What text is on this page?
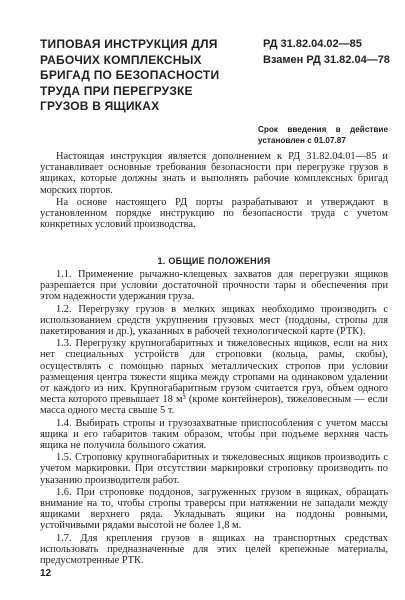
ТИПОВАЯ ИНСТРУКЦИЯ ДЛЯ
РАБОЧИХ КОМПЛЕКСНЫХ
БРИГАД ПО БЕЗОПАСНОСТИ
ТРУДА ПРИ ПЕРЕГРУЗКЕ
ГРУЗОВ В ЯЩИКАХ
РД 31.82.04.02—85
Взамен РД 31.82.04—78
Срок введения в действие установлен с 01.07.87

Настоящая инструкция является дополнением к РД 31.82.04.01—85 и устанавливает основные требования безопасности при перегрузке грузов в ящиках, которые должны знать и выполнять рабочие комплексных бригад морских портов.

На основе настоящего РД порты разрабатывают и утверждают в установленном порядке инструкцию по безопасности труда с учетом конкретных условий производства.

1. ОБЩИЕ ПОЛОЖЕНИЯ

1.1. Применение рычажно-клещевых захватов для перегрузки ящиков разрешается при условии достаточной прочности тары и обеспечения при этом надежности удержания груза.

1.2. Перегрузку грузов в мелких ящиках необходимо производить с использованием средств укрупнения грузовых мест (поддоны, стропы для пакетирования и др.), указанных в рабочей технологической карте (РТК).

1.3. Перегрузку крупногабаритных и тяжеловесных ящиков, если на них нет специальных устройств для строповки (кольца, рамы, скобы), осуществлять с помощью парных металлических стропов при условии размещения центра тяжести ящика между стропами на одинаковом удалении от каждого из них. Крупногабаритным грузом считается груз, объем одного места которого превышает 18 м³ (кроме контейнеров), тяжеловесным — если масса одного места свыше 5 т.

1.4. Выбирать стропы и грузозахватные приспособления с учетом массы ящика и его габаритов таким образом, чтобы при подъеме верхняя часть ящика не получила большого сжатия.

1.5. Строповку крупногабаритных и тяжеловесных ящиков производить с учетом маркировки. При отсутствии маркировки строповку производить по указанию производителя работ.

1.6. При строповке поддонов, загруженных грузом в ящиках, обращать внимание на то, чтобы стропы траверсы при натяжении не западали между ящиками верхнего ряда. Укладывать ящики на поддоны ровными, устойчивыми рядами высотой не более 1,8 м.

1.7. Для крепления грузов в ящиках на транспортных средствах использовать предназначенные для этих целей крепежные материалы, предусмотренные РТК.

12
